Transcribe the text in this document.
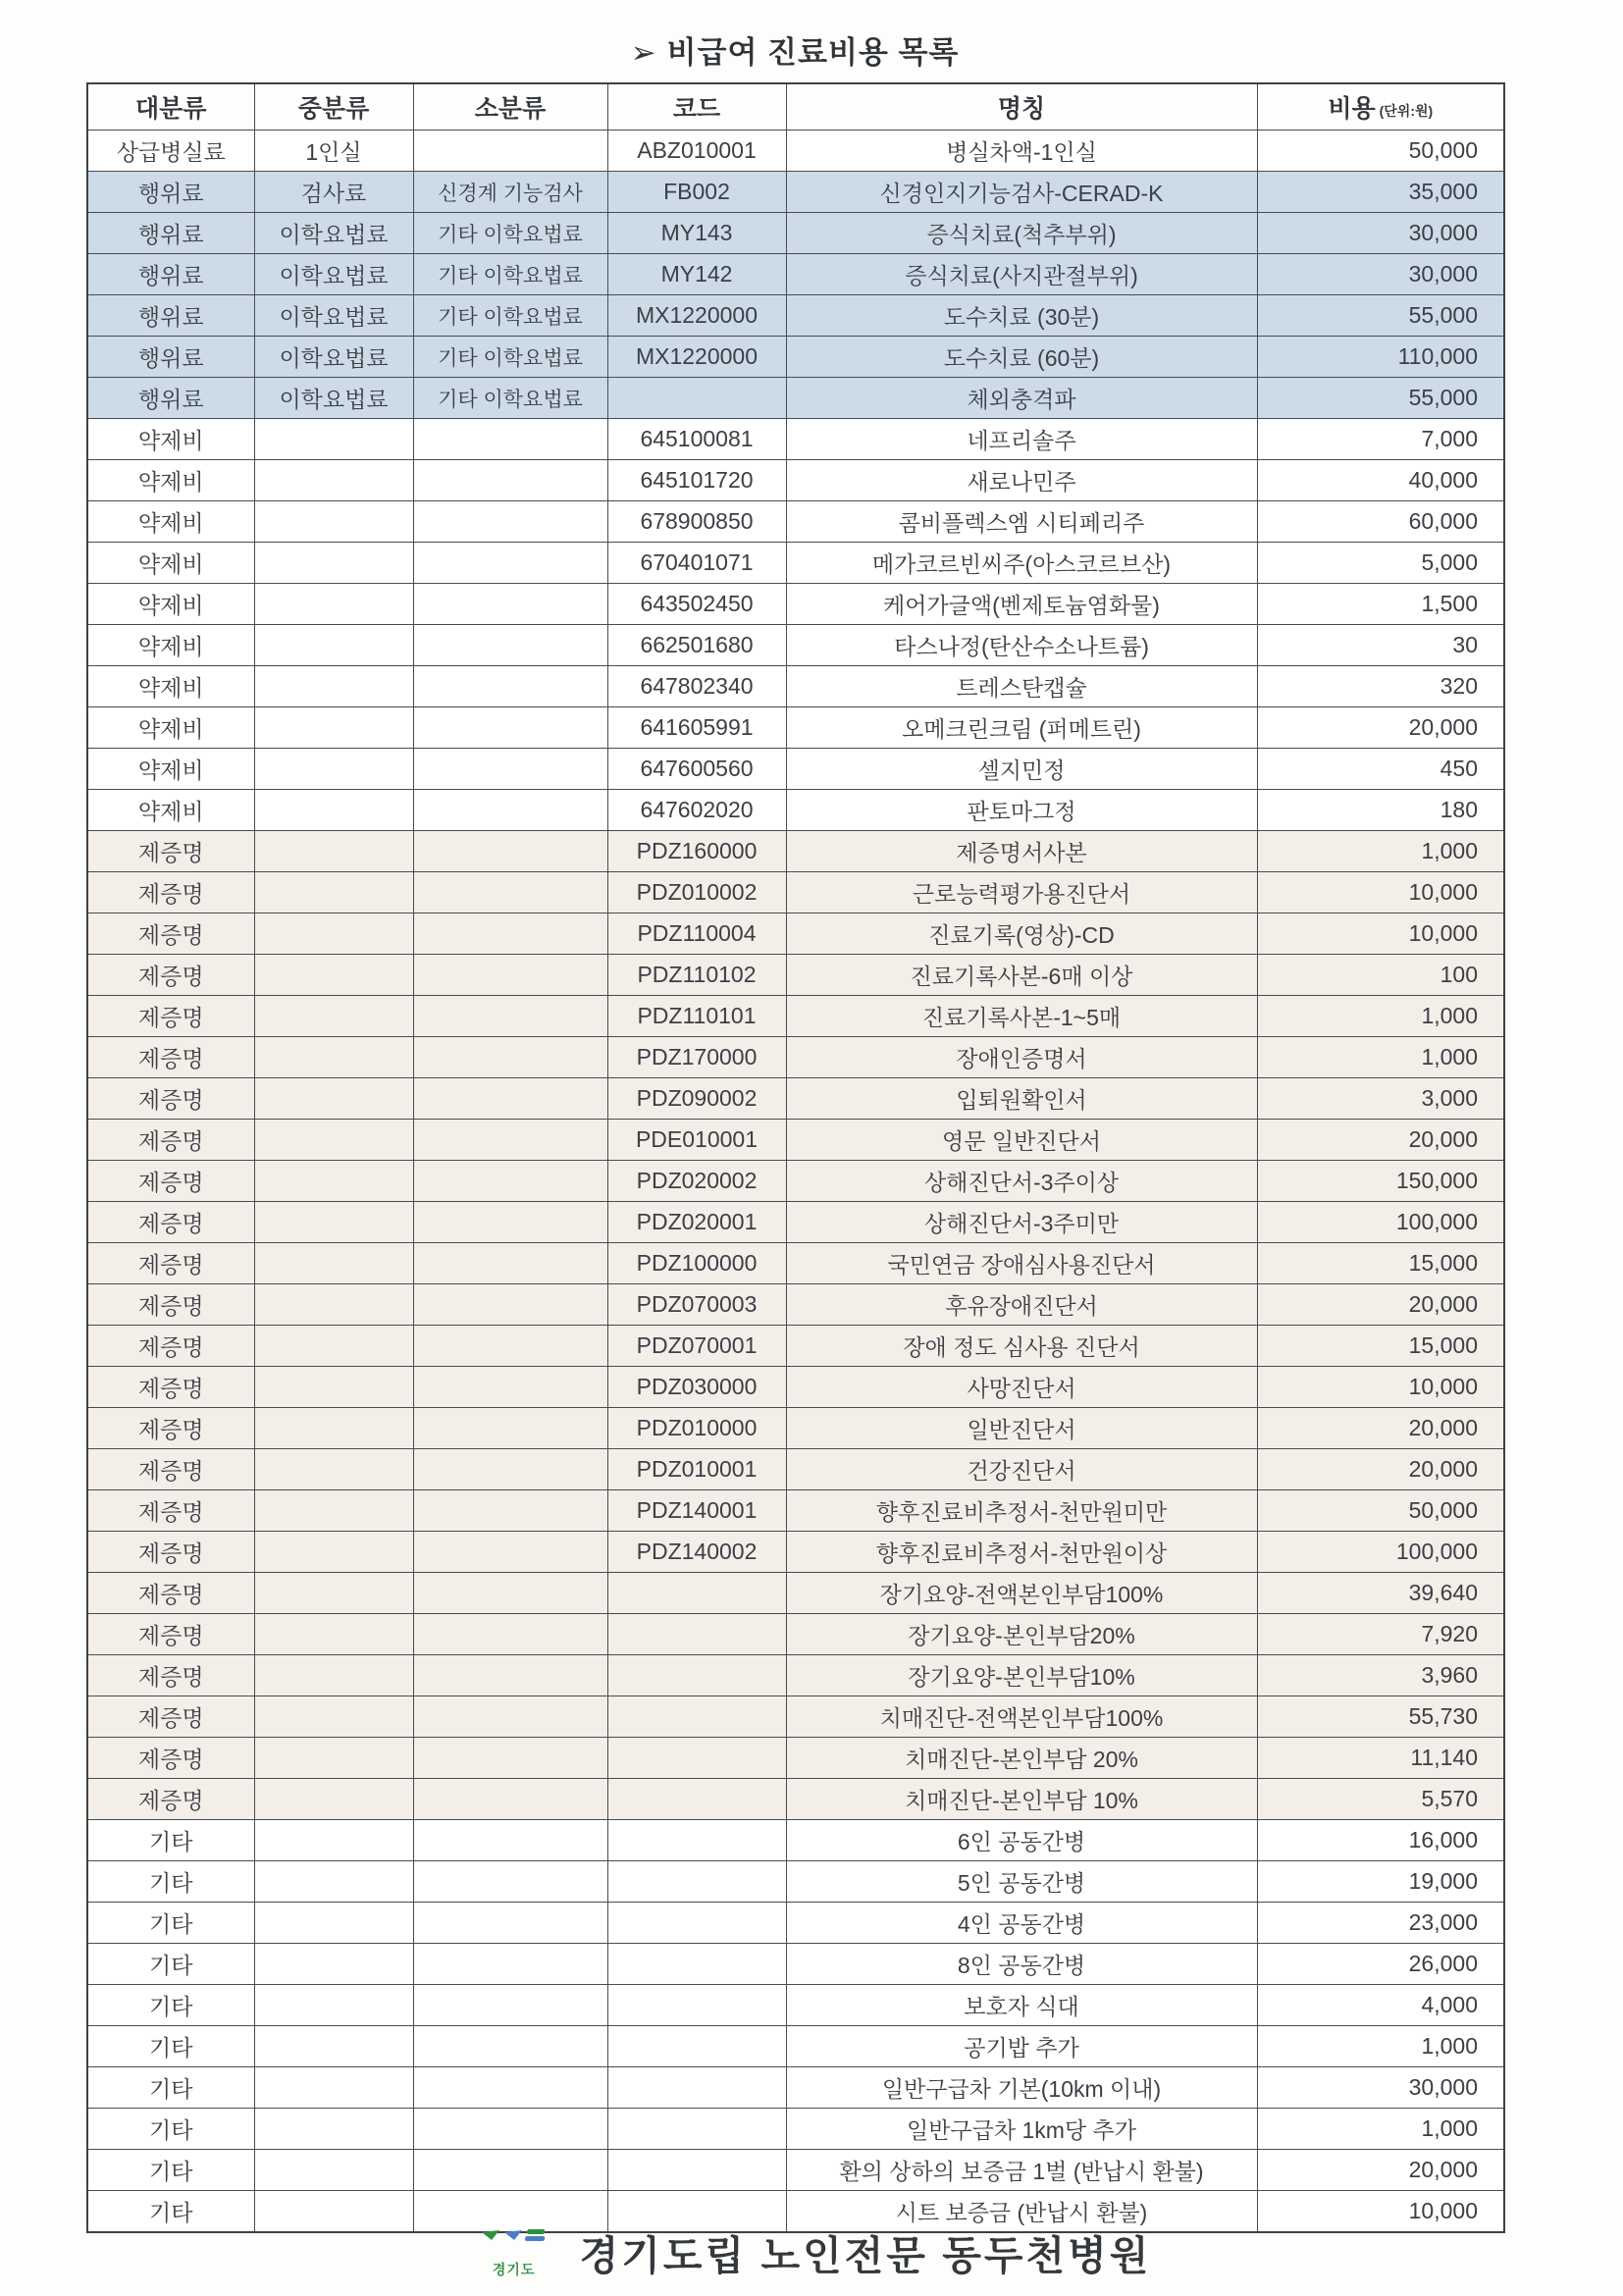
➢ 비급여 진료비용 목록
대분류	중분류	소분류	코드	명칭	비용 (단위:원)
상급병실료	1인실		ABZ010001	병실차액-1인실	50,000
행위료	검사료	신경계 기능검사	FB002	신경인지기능검사-CERAD-K	35,000
행위료	이학요법료	기타 이학요법료	MY143	증식치료(척추부위)	30,000
행위료	이학요법료	기타 이학요법료	MY142	증식치료(사지관절부위)	30,000
행위료	이학요법료	기타 이학요법료	MX1220000	도수치료 (30분)	55,000
행위료	이학요법료	기타 이학요법료	MX1220000	도수치료 (60분)	110,000
행위료	이학요법료	기타 이학요법료		체외충격파	55,000
약제비			645100081	네프리솔주	7,000
약제비			645101720	새로나민주	40,000
약제비			678900850	콤비플렉스엠 시티페리주	60,000
약제비			670401071	메가코르빈씨주(아스코르브산)	5,000
약제비			643502450	케어가글액(벤제토늄염화물)	1,500
약제비			662501680	타스나정(탄산수소나트륨)	30
약제비			647802340	트레스탄캡슐	320
약제비			641605991	오메크린크림 (퍼메트린)	20,000
약제비			647600560	셀지민정	450
약제비			647602020	판토마그정	180
제증명			PDZ160000	제증명서사본	1,000
제증명			PDZ010002	근로능력평가용진단서	10,000
제증명			PDZ110004	진료기록(영상)-CD	10,000
제증명			PDZ110102	진료기록사본-6매 이상	100
제증명			PDZ110101	진료기록사본-1~5매	1,000
제증명			PDZ170000	장애인증명서	1,000
제증명			PDZ090002	입퇴원확인서	3,000
제증명			PDE010001	영문 일반진단서	20,000
제증명			PDZ020002	상해진단서-3주이상	150,000
제증명			PDZ020001	상해진단서-3주미만	100,000
제증명			PDZ100000	국민연금 장애심사용진단서	15,000
제증명			PDZ070003	후유장애진단서	20,000
제증명			PDZ070001	장애 정도 심사용 진단서	15,000
제증명			PDZ030000	사망진단서	10,000
제증명			PDZ010000	일반진단서	20,000
제증명			PDZ010001	건강진단서	20,000
제증명			PDZ140001	향후진료비추정서-천만원미만	50,000
제증명			PDZ140002	향후진료비추정서-천만원이상	100,000
제증명				장기요양-전액본인부담100%	39,640
제증명				장기요양-본인부담20%	7,920
제증명				장기요양-본인부담10%	3,960
제증명				치매진단-전액본인부담100%	55,730
제증명				치매진단-본인부담 20%	11,140
제증명				치매진단-본인부담 10%	5,570
기타				6인 공동간병	16,000
기타				5인 공동간병	19,000
기타				4인 공동간병	23,000
기타				8인 공동간병	26,000
기타				보호자 식대	4,000
기타				공기밥 추가	1,000
기타				일반구급차 기본(10km 이내)	30,000
기타				일반구급차 1km당 추가	1,000
기타				환의 상하의 보증금 1벌 (반납시 환불)	20,000
기타				시트 보증금 (반납시 환불)	10,000
경기도 경기도립 노인전문 동두천병원
